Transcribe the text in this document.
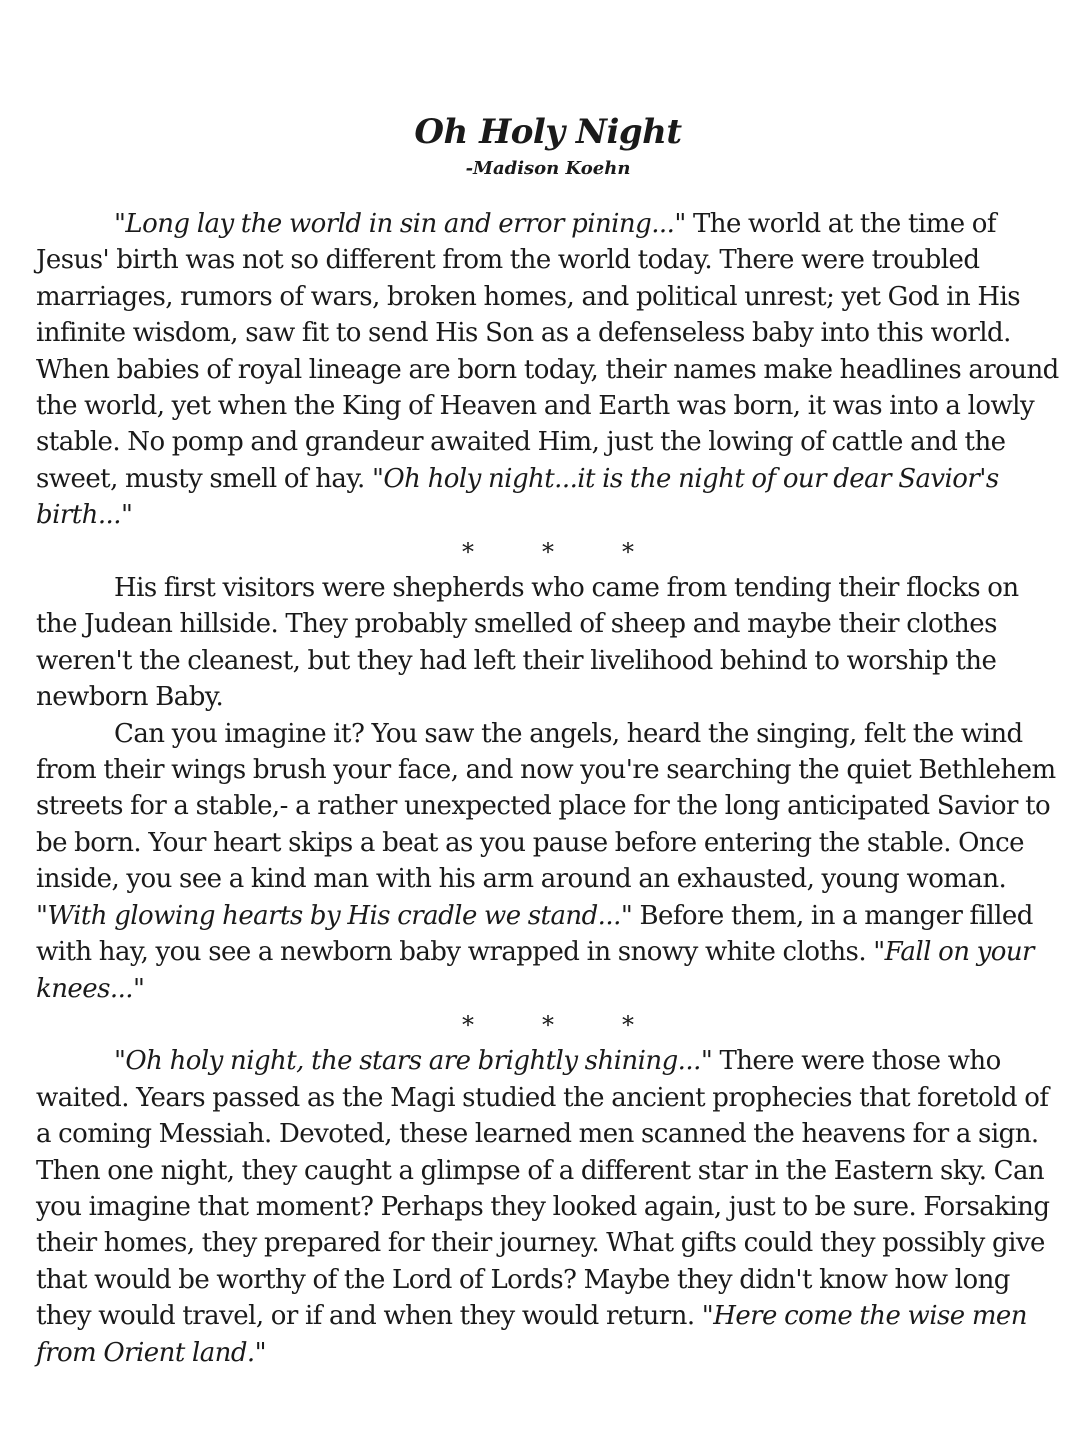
Oh Holy Night

-Madison Koehn

"Long lay the world in sin and error pining..." The world at the time of Jesus' birth was not so different from the world today. There were troubled marriages, rumors of wars, broken homes, and political unrest; yet God in His infinite wisdom, saw fit to send His Son as a defenseless baby into this world. When babies of royal lineage are born today, their names make headlines around the world, yet when the King of Heaven and Earth was born, it was into a lowly stable. No pomp and grandeur awaited Him, just the lowing of cattle and the sweet, musty smell of hay. "Oh holy night...it is the night of our dear Savior's birth..."

*	*	*

His first visitors were shepherds who came from tending their flocks on the Judean hillside. They probably smelled of sheep and maybe their clothes weren't the cleanest, but they had left their livelihood behind to worship the newborn Baby.

Can you imagine it? You saw the angels, heard the singing, felt the wind from their wings brush your face, and now you're searching the quiet Bethlehem streets for a stable,- a rather unexpected place for the long anticipated Savior to be born. Your heart skips a beat as you pause before entering the stable. Once inside, you see a kind man with his arm around an exhausted, young woman. "With glowing hearts by His cradle we stand..." Before them, in a manger filled with hay, you see a newborn baby wrapped in snowy white cloths. "Fall on your knees..."

*	*	*

"Oh holy night, the stars are brightly shining..." There were those who waited. Years passed as the Magi studied the ancient prophecies that foretold of a coming Messiah. Devoted, these learned men scanned the heavens for a sign. Then one night, they caught a glimpse of a different star in the Eastern sky. Can you imagine that moment? Perhaps they looked again, just to be sure. Forsaking their homes, they prepared for their journey. What gifts could they possibly give that would be worthy of the Lord of Lords? Maybe they didn't know how long they would travel, or if and when they would return. "Here come the wise men from Orient land."
